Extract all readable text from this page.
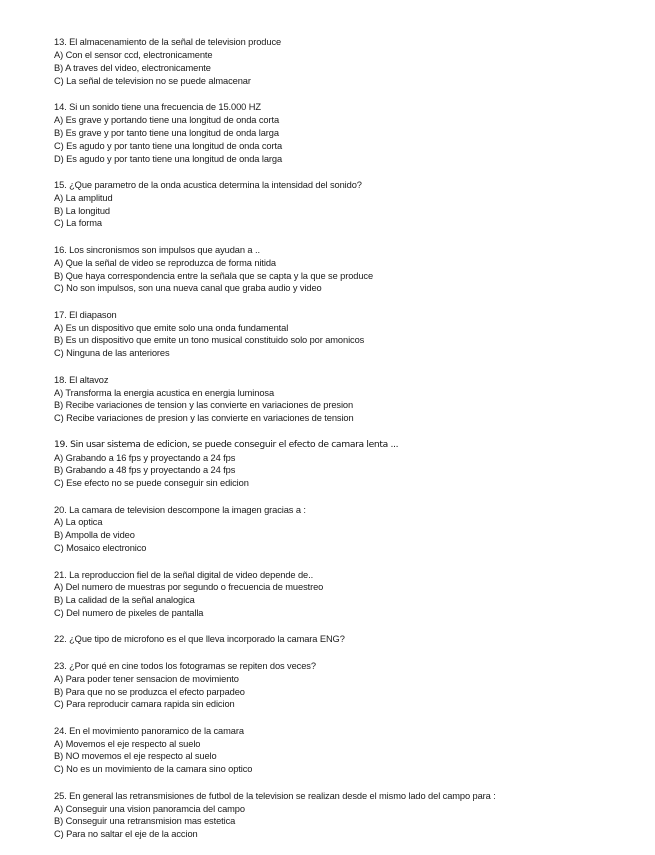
13. El almacenamiento de la señal de television produce
A) Con el sensor ccd, electronicamente
B) A traves del video, electronicamente
C) La señal de television no se puede almacenar
14. Si un sonido tiene una frecuencia de 15.000 HZ
A) Es grave y portando tiene una longitud de onda corta
B) Es grave y por tanto tiene una longitud de onda larga
C) Es agudo y por tanto tiene una longitud de onda corta
D) Es agudo y por tanto tiene una longitud de onda larga
15. ¿Que parametro de la onda acustica determina la intensidad del sonido?
A) La amplitud
B) La longitud
C) La forma
16. Los sincronismos son impulsos que ayudan a ..
A) Que la señal de video se reproduzca de forma nitida
B) Que haya correspondencia entre la señala que se capta y la que se produce
C) No son impulsos, son una nueva canal que graba audio y video
17. El diapason
A) Es un dispositivo que emite solo una onda fundamental
B) Es un dispositivo que emite un tono musical constituido solo por amonicos
C) Ninguna de las anteriores
18. El altavoz
A) Transforma la energia acustica en energia luminosa
B) Recibe variaciones de tension y las convierte en variaciones de presion
C) Recibe variaciones de presion y las convierte en variaciones de tension
19. Sin usar sistema de edicion, se puede conseguir el efecto de camara lenta ...
A) Grabando a 16 fps y proyectando a 24 fps
B) Grabando a 48 fps y proyectando a 24 fps
C) Ese efecto no se puede conseguir sin edicion
20. La camara de television descompone la imagen gracias a :
A) La optica
B) Ampolla de video
C) Mosaico electronico
21. La reproduccion fiel de la señal digital de video depende de..
A) Del numero de muestras por segundo o frecuencia de muestreo
B) La calidad de la señal analogica
C) Del numero de pixeles de pantalla
22. ¿Que tipo de microfono es el que lleva incorporado la camara ENG?
23. ¿Por qué en cine todos los fotogramas se repiten dos veces?
A) Para poder tener sensacion de movimiento
B) Para que no se produzca el efecto parpadeo
C) Para reproducir camara rapida sin edicion
24. En el movimiento panoramico de la camara
A) Movemos el eje respecto al suelo
B) NO movemos el eje respecto al suelo
C) No es un movimiento de la camara sino optico
25. En general las retransmisiones de futbol de la television se realizan desde el mismo lado del campo para :
A) Conseguir una vision panoramcia del campo
B) Conseguir una retransmision mas estetica
C) Para no saltar el eje de la accion
